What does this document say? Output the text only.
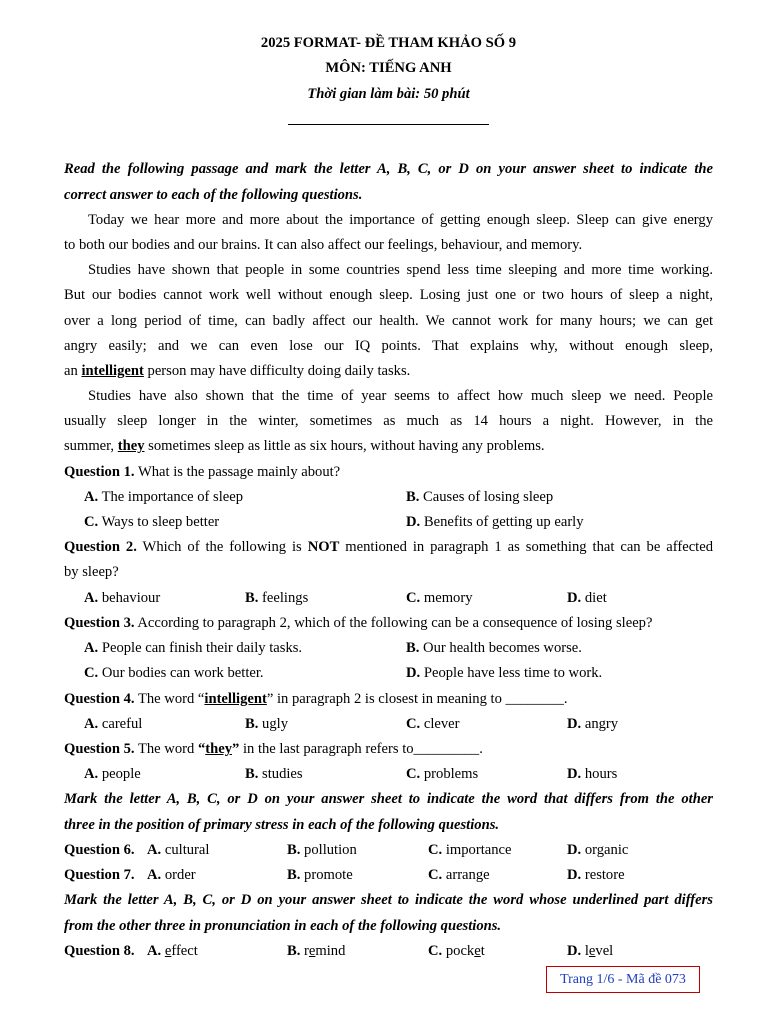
2025 FORMAT- ĐỀ THAM KHẢO SỐ 9
MÔN: TIẾNG ANH
Thời gian làm bài: 50 phút
Read the following passage and mark the letter A, B, C, or D on your answer sheet to indicate the
correct answer to each of the following questions.
Today we hear more and more about the importance of getting enough sleep. Sleep can give energy
to both our bodies and our brains. It can also affect our feelings, behaviour, and memory.
Studies have shown that people in some countries spend less time sleeping and more time working.
But our bodies cannot work well without enough sleep. Losing just one or two hours of sleep a night,
over a long period of time, can badly affect our health. We cannot work for many hours; we can get
angry easily; and we can even lose our IQ points. That explains why, without enough sleep,
an intelligent person may have difficulty doing daily tasks.
Studies have also shown that the time of year seems to affect how much sleep we need. People
usually sleep longer in the winter, sometimes as much as 14 hours a night. However, in the
summer, they sometimes sleep as little as six hours, without having any problems.
Question 1. What is the passage mainly about?
A. The importance of sleep	B. Causes of losing sleep
C. Ways to sleep better	D. Benefits of getting up early
Question 2. Which of the following is NOT mentioned in paragraph 1 as something that can be affected
by sleep?
A. behaviour	B. feelings	C. memory	D. diet
Question 3. According to paragraph 2, which of the following can be a consequence of losing sleep?
A. People can finish their daily tasks.	B. Our health becomes worse.
C. Our bodies can work better.	D. People have less time to work.
Question 4. The word “intelligent” in paragraph 2 is closest in meaning to ________.
A. careful	B. ugly	C. clever	D. angry
Question 5. The word “they” in the last paragraph refers to_________.
A. people	B. studies	C. problems	D. hours
Mark the letter A, B, C, or D on your answer sheet to indicate the word that differs from the other
three in the position of primary stress in each of the following questions.
Question 6. A. cultural	B. pollution	C. importance	D. organic
Question 7. A. order	B. promote	C. arrange	D. restore
Mark the letter A, B, C, or D on your answer sheet to indicate the word whose underlined part differs
from the other three in pronunciation in each of the following questions.
Question 8. A. effect	B. remind	C. pocket	D. level
Trang 1/6 - Mã đề 073
